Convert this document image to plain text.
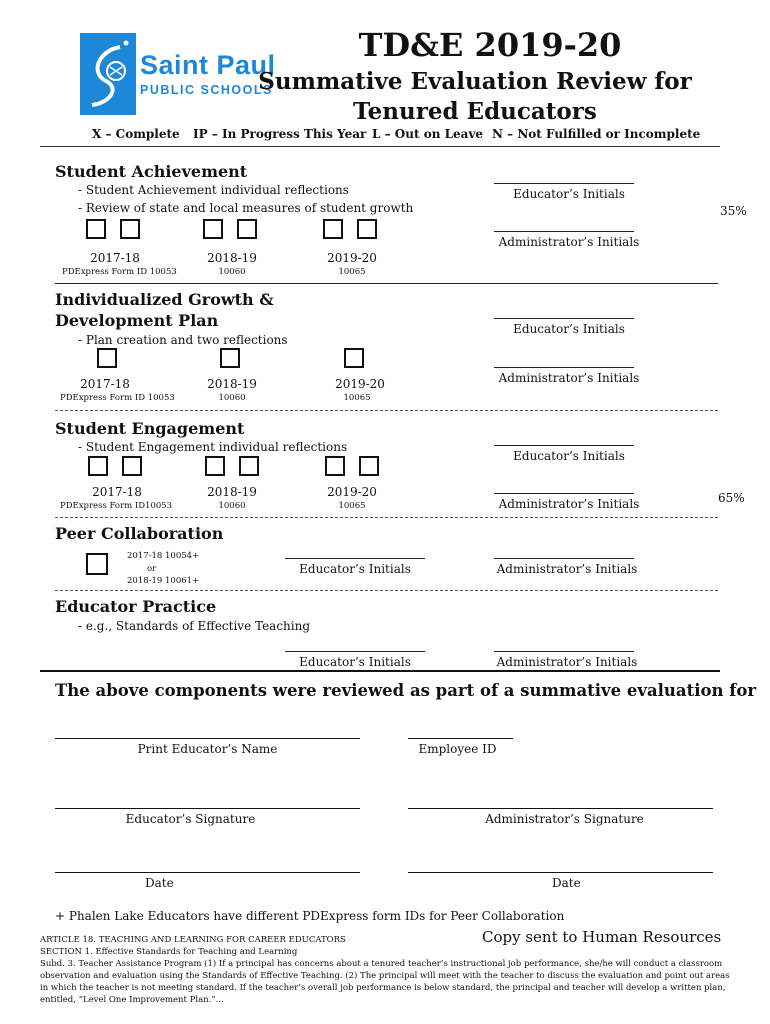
Saint Paul
PUBLIC SCHOOLS
TD&E 2019-20
Summative Evaluation Review for
Tenured Educators
X – Complete IP – In Progress This Year L – Out on Leave N – Not Fulfilled or Incomplete
Student Achievement
- Student Achievement individual reflections
- Review of state and local measures of student growth
2017-18	2018-19	2019-20
PDExpress Form ID 10053	10060	10065
Educator’s Initials
Administrator’s Initials
35%
Individualized Growth &
Development Plan
- Plan creation and two reflections
2017-18	2018-19	2019-20
PDExpress Form ID 10053	10060	10065
Educator’s Initials
Administrator’s Initials
Student Engagement
- Student Engagement individual reflections
2017-18	2018-19	2019-20
PDExpress Form ID10053	10060	10065
Educator’s Initials
Administrator’s Initials	65%
Peer Collaboration
2017-18 10054+
or
2018-19 10061+
Educator’s Initials	Administrator’s Initials
Educator Practice
- e.g., Standards of Effective Teaching
Educator’s Initials	Administrator’s Initials
The above components were reviewed as part of a summative evaluation for
Print Educator’s Name	Employee ID
Educator’s Signature	Administrator’s Signature
Date	Date
+ Phalen Lake Educators have different PDExpress form IDs for Peer Collaboration
Copy sent to Human Resources
ARTICLE 18. TEACHING AND LEARNING FOR CAREER EDUCATORS
SECTION 1. Effective Standards for Teaching and Learning
Subd. 3. Teacher Assistance Program (1) If a principal has concerns about a tenured teacher’s instructional job performance, she/he will conduct a classroom
observation and evaluation using the Standards of Effective Teaching. (2) The principal will meet with the teacher to discuss the evaluation and point out areas
in which the teacher is not meeting standard. If the teacher’s overall job performance is below standard, the principal and teacher will develop a written plan,
entitled, “Level One Improvement Plan.”...
